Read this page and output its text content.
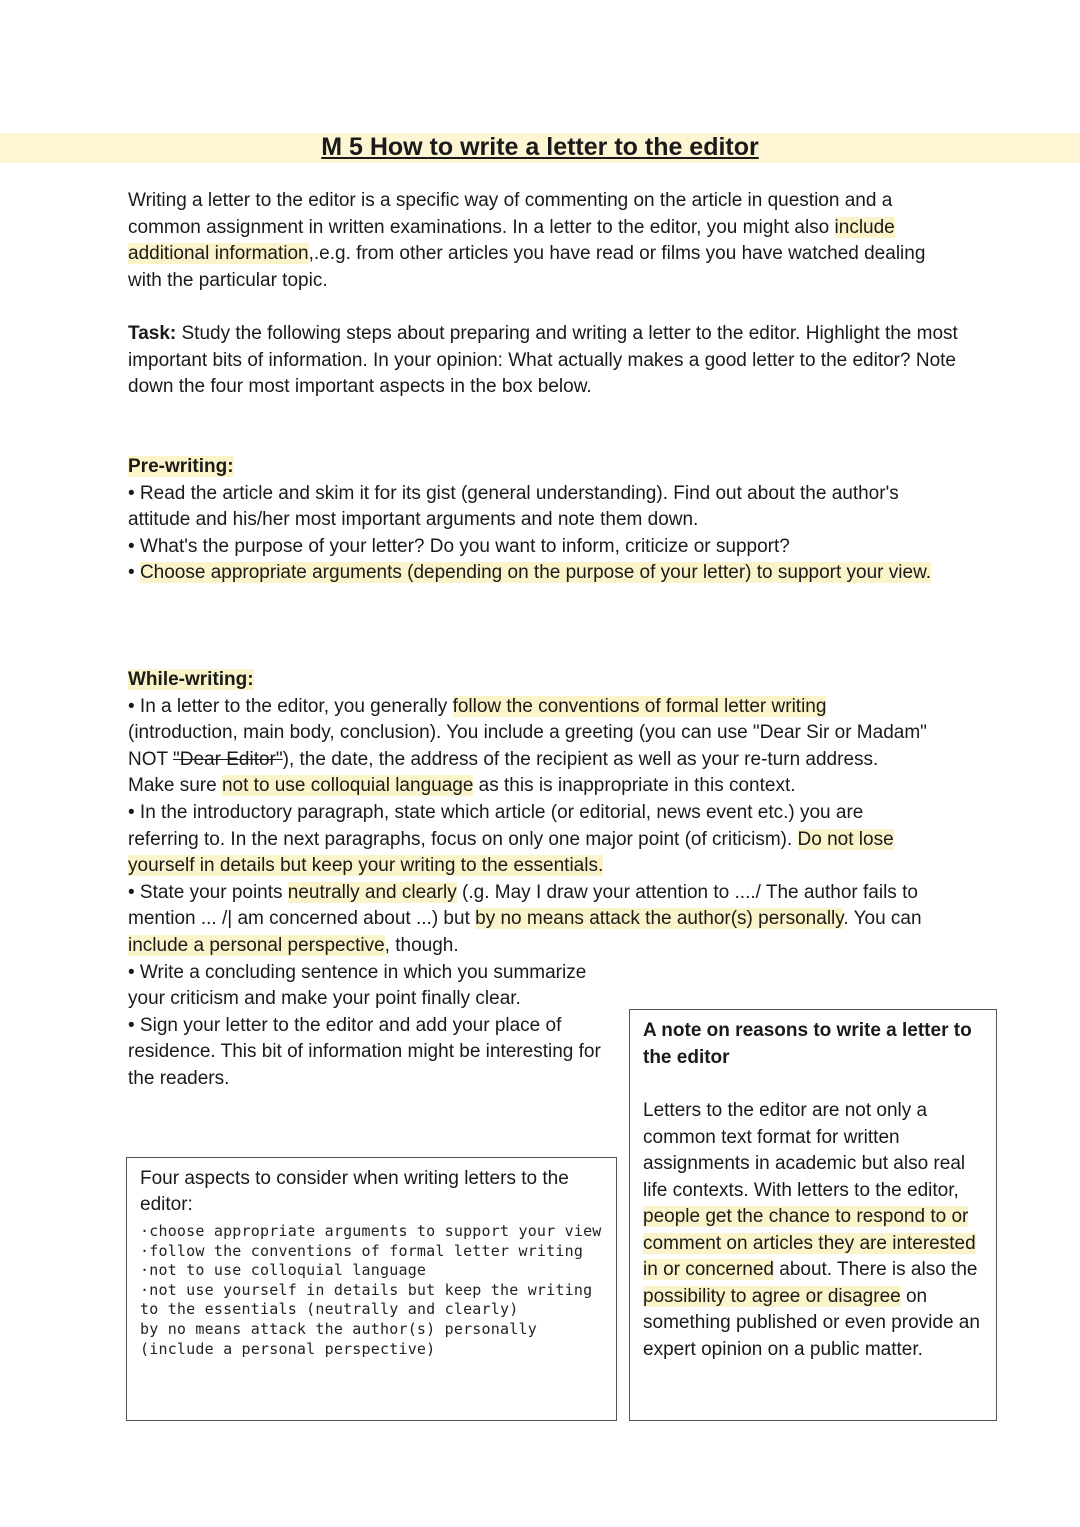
M 5 How to write a letter to the editor

Writing a letter to the editor is a specific way of commenting on the article in question and a common assignment in written examinations. In a letter to the editor, you might also include additional information,.e.g. from other articles you have read or films you have watched dealing with the particular topic.

Task: Study the following steps about preparing and writing a letter to the editor. Highlight the most important bits of information. In your opinion: What actually makes a good letter to the editor? Note down the four most important aspects in the box below.

Pre-writing:
• Read the article and skim it for its gist (general understanding). Find out about the author's attitude and his/her most important arguments and note them down.
• What's the purpose of your letter? Do you want to inform, criticize or support?
• Choose appropriate arguments (depending on the purpose of your letter) to support your view.
While-writing:
• In a letter to the editor, you generally follow the conventions of formal letter writing (introduction, main body, conclusion). You include a greeting (you can use "Dear Sir or Madam" NOT "Dear Editor"), the date, the address of the recipient as well as your re-turn address. Make sure not to use colloquial language as this is inappropriate in this context.
• In the introductory paragraph, state which article (or editorial, news event etc.) you are referring to. In the next paragraphs, focus on only one major point (of criticism). Do not lose yourself in details but keep your writing to the essentials.
• State your points neutrally and clearly (.g. May I draw your attention to ..../ The author fails to mention ... /| am concerned about ...) but by no means attack the author(s) personally. You can include a personal perspective, though.
• Write a concluding sentence in which you summarize your criticism and make your point finally clear.
• Sign your letter to the editor and add your place of residence. This bit of information might be interesting for the readers.
Four aspects to consider when writing letters to the editor:

·choose appropriate arguments to support your view

·follow the conventions of formal letter writing

·not to use colloquial language

·not use yourself in details but keep the writing to the essentials (neutrally and clearly)

by no means attack the author(s) personally (include a personal perspective)

A note on reasons to write a letter to the editor
Letters to the editor are not only a common text format for written assignments in academic but also real life contexts. With letters to the editor, people get the chance to respond to or comment on articles they are interested in or concerned about. There is also the possibility to agree or disagree on something published or even provide an expert opinion on a public matter.
